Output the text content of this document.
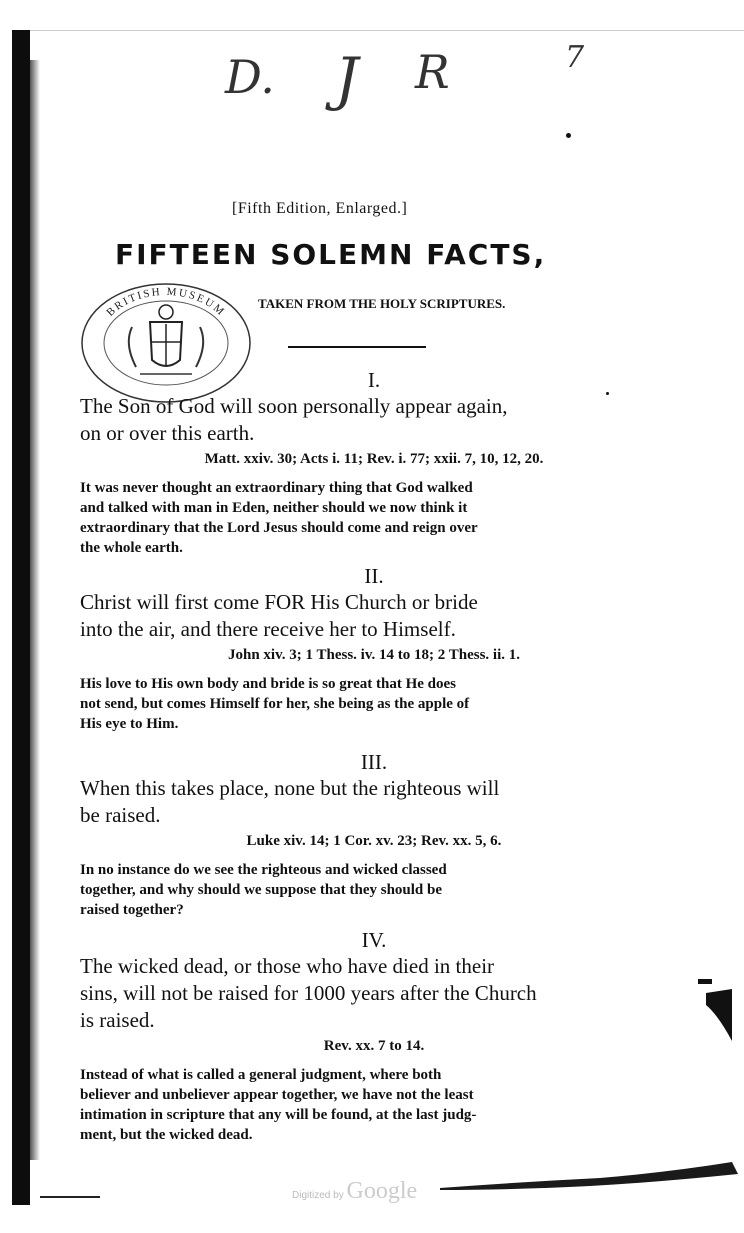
D. J R	7
[Fifth Edition, Enlarged.]
FIFTEEN SOLEMN FACTS,
TAKEN FROM THE HOLY SCRIPTURES.
BRITISH MUSEUM
I.
The Son of God will soon personally appear again,
on or over this earth.
Matt. xxiv. 30; Acts i. 11; Rev. i. 77; xxii. 7, 10, 12, 20.
It was never thought an extraordinary thing that God walked
and talked with man in Eden, neither should we now think it
extraordinary that the Lord Jesus should come and reign over
the whole earth.
II.
Christ will first come FOR His Church or bride
into the air, and there receive her to Himself.
John xiv. 3; 1 Thess. iv. 14 to 18; 2 Thess. ii. 1.
His love to His own body and bride is so great that He does
not send, but comes Himself for her, she being as the apple of
His eye to Him.
III.
When this takes place, none but the righteous will
be raised.
Luke xiv. 14; 1 Cor. xv. 23; Rev. xx. 5, 6.
In no instance do we see the righteous and wicked classed
together, and why should we suppose that they should be
raised together?
IV.
The wicked dead, or those who have died in their
sins, will not be raised for 1000 years after the Church
is raised.
Rev. xx. 7 to 14.
Instead of what is called a general judgment, where both
believer and unbeliever appear together, we have not the least
intimation in scripture that any will be found, at the last judg-
ment, but the wicked dead.
Digitized by Google
